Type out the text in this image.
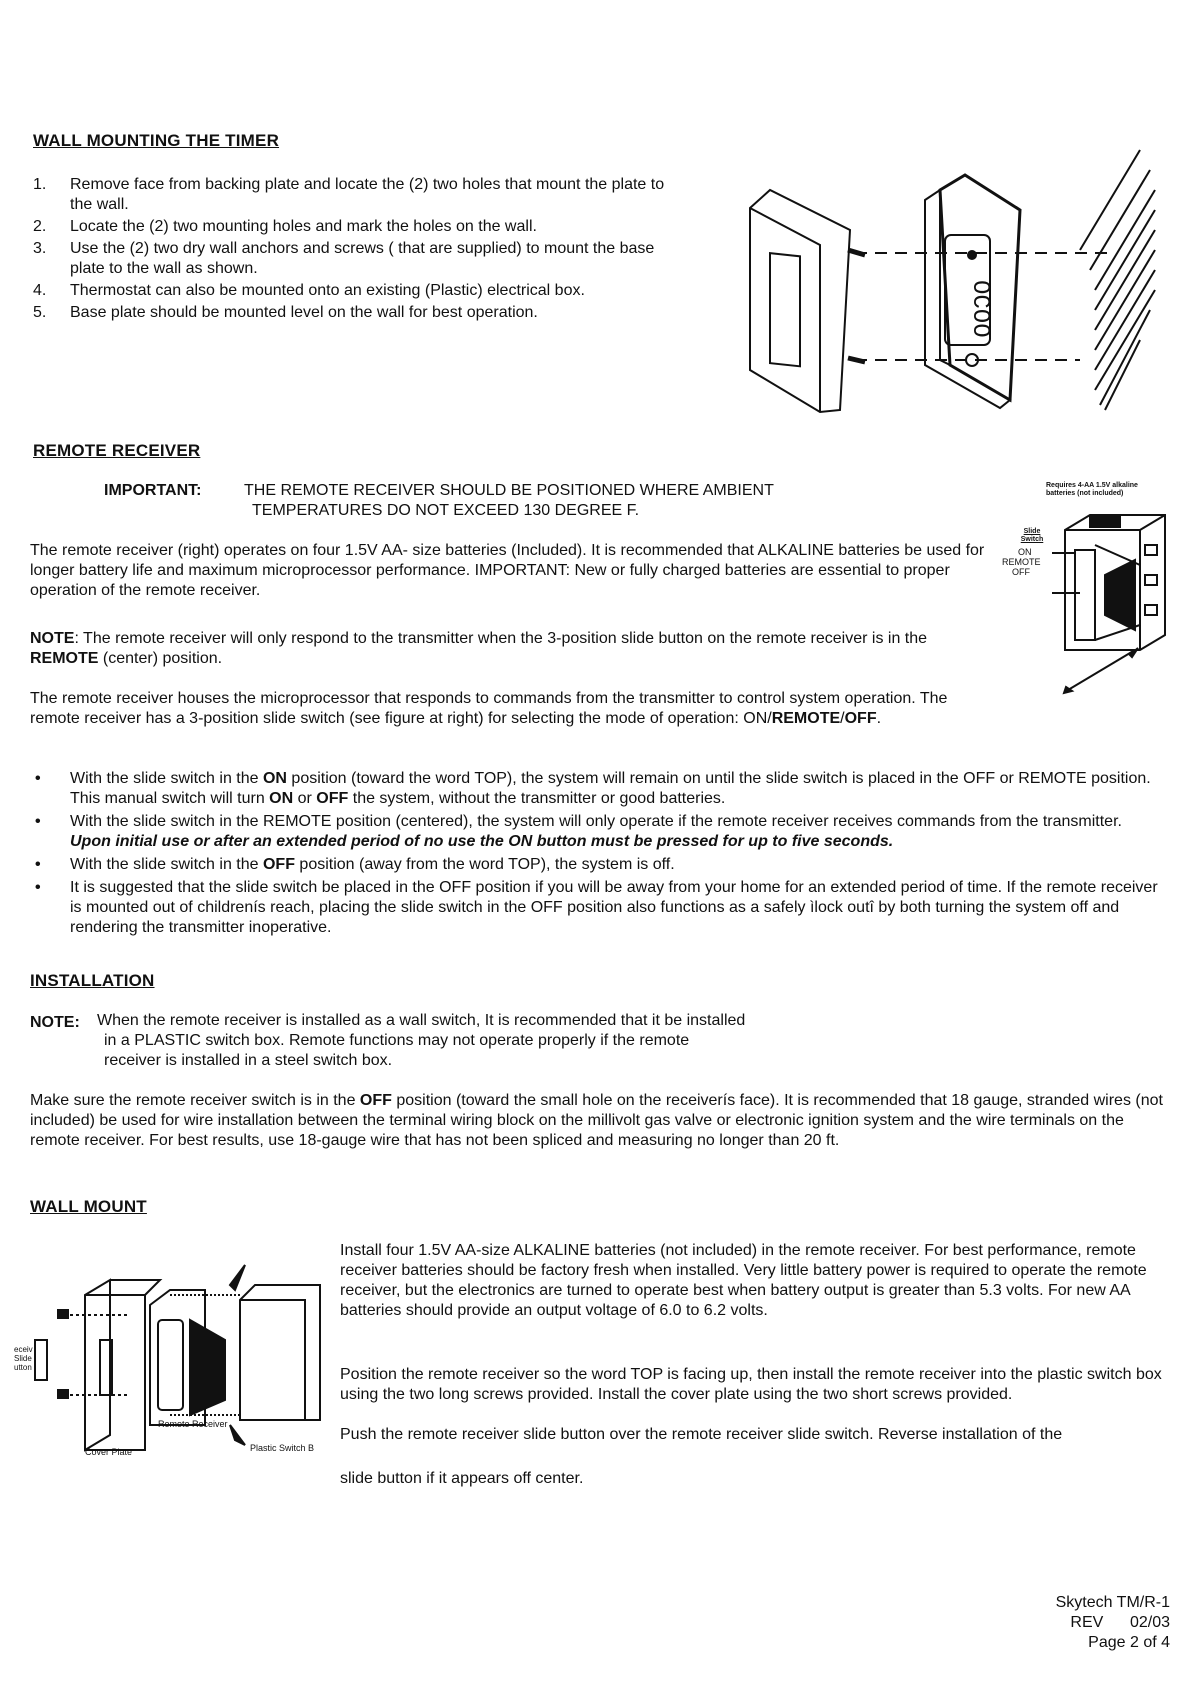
WALL MOUNTING THE TIMER
1. Remove face from backing plate and locate the (2) two holes that mount the plate to the wall.
2. Locate the (2) two mounting holes and mark the holes on the wall.
3. Use the (2) two dry wall anchors and screws ( that are supplied) to mount the base plate to the wall as shown.
4. Thermostat can also be mounted onto an existing (Plastic) electrical box.
5. Base plate should be mounted level on the wall for best operation.	OCOO
REMOTE RECEIVER
IMPORTANT:	THE REMOTE RECEIVER SHOULD BE POSITIONED WHERE AMBIENT
TEMPERATURES DO NOT EXCEED 130 DEGREE F.

The remote receiver (right) operates on four 1.5V AA- size batteries (Included). It is recommended that ALKALINE batteries be used for longer battery life and maximum microprocessor performance. IMPORTANT: New or fully charged batteries are essential to proper operation of the remote receiver.

NOTE: The remote receiver will only respond to the transmitter when the 3-position slide button on the remote receiver is in the REMOTE (center) position.

The remote receiver houses the microprocessor that responds to commands from the transmitter to control system operation. The remote receiver has a 3-position slide switch (see figure at right) for selecting the mode of operation: ON/REMOTE/OFF.

Requires 4-AA 1.5V alkaline batteries (not included)
Slide Switch
ON
REMOTE
OFF
• With the slide switch in the ON position (toward the word TOP), the system will remain on until the slide switch is placed in the OFF or REMOTE position. This manual switch will turn ON or OFF the system, without the transmitter or good batteries.
• With the slide switch in the REMOTE position (centered), the system will only operate if the remote receiver receives commands from the transmitter. Upon initial use or after an extended period of no use the ON button must be pressed for up to five seconds.
• With the slide switch in the OFF position (away from the word TOP), the system is off.
• It is suggested that the slide switch be placed in the OFF position if you will be away from your home for an extended period of time. If the remote receiver is mounted out of childrenís reach, placing the slide switch in the OFF position also functions as a safely ìlock outî by both turning the system off and rendering the transmitter inoperative.
INSTALLATION
NOTE: When the remote receiver is installed as a wall switch, It is recommended that it be installed
in a PLASTIC switch box. Remote functions may not operate properly if the remote
receiver is installed in a steel switch box.

Make sure the remote receiver switch is in the OFF position (toward the small hole on the receiverís face). It is recommended that 18 gauge, stranded wires (not included) be used for wire installation between the terminal wiring block on the millivolt gas valve or electronic ignition system and the wire terminals on the remote receiver. For best results, use 18-gauge wire that has not been spliced and measuring no longer than 20 ft.

WALL MOUNT
eceiv Slide utton
Remote Receiver
Cover Plate	Plastic Switch B

Install four 1.5V AA-size ALKALINE batteries (not included) in the remote receiver. For best performance, remote receiver batteries should be factory fresh when installed. Very little battery power is required to operate the remote receiver, but the electronics are turned to operate best when battery output is greater than 5.3 volts. For new AA batteries should provide an output voltage of 6.0 to 6.2 volts.

Position the remote receiver so the word TOP is facing up, then install the remote receiver into the plastic switch box using the two long screws provided. Install the cover plate using the two short screws provided.

Push the remote receiver slide button over the remote receiver slide switch. Reverse installation of the

slide button if it appears off center.

Skytech TM/R-1
REV      02/03
Page 2 of 4
